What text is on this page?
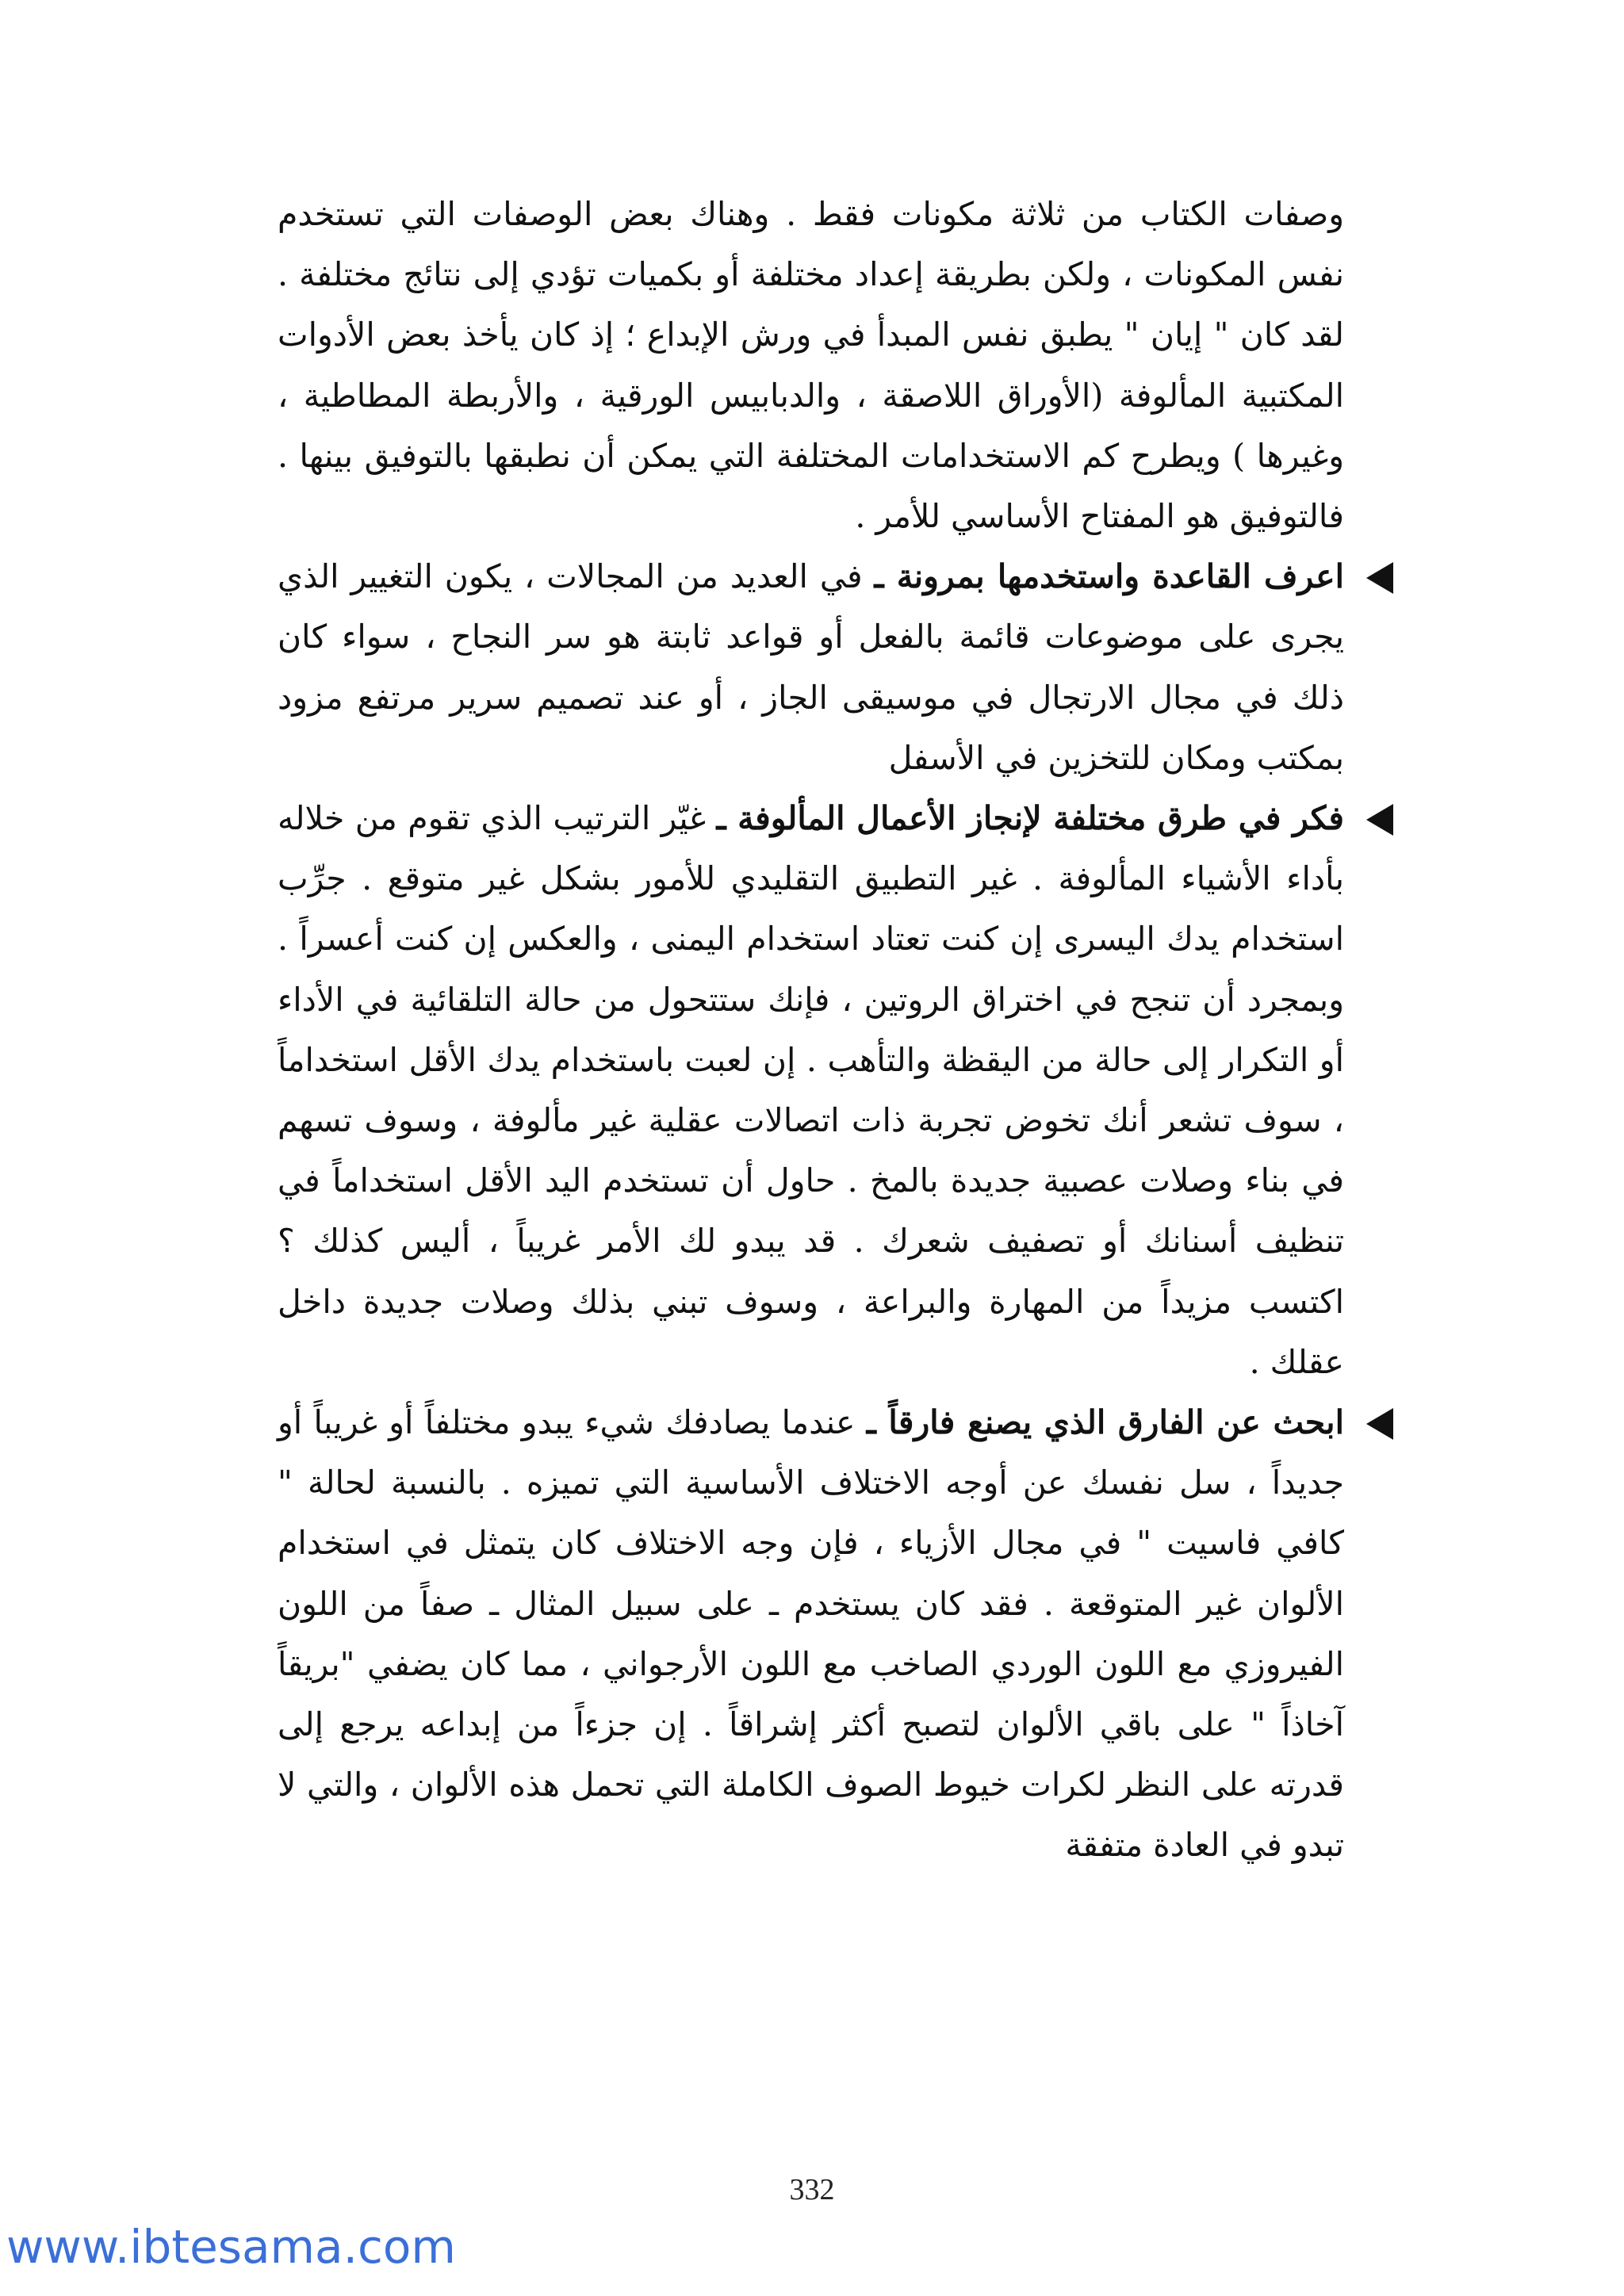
وصفات الكتاب من ثلاثة مكونات فقط . وهناك بعض الوصفات التي تستخدم نفس المكونات ، ولكن بطريقة إعداد مختلفة أو بكميات تؤدي إلى نتائج مختلفة . لقد كان " إيان " يطبق نفس المبدأ في ورش الإبداع ؛ إذ كان يأخذ بعض الأدوات المكتبية المألوفة (الأوراق اللاصقة ، والدبابيس الورقية ، والأربطة المطاطية ، وغيرها ) ويطرح كم الاستخدامات المختلفة التي يمكن أن نطبقها بالتوفيق بينها . فالتوفيق هو المفتاح الأساسي للأمر .

اعرف القاعدة واستخدمها بمرونة ـ في العديد من المجالات ، يكون التغيير الذي يجرى على موضوعات قائمة بالفعل أو قواعد ثابتة هو سر النجاح ، سواء كان ذلك في مجال الارتجال في موسيقى الجاز ، أو عند تصميم سرير مرتفع مزود بمكتب ومكان للتخزين في الأسفل

فكر في طرق مختلفة لإنجاز الأعمال المألوفة ـ غيّر الترتيب الذي تقوم من خلاله بأداء الأشياء المألوفة . غير التطبيق التقليدي للأمور بشكل غير متوقع . جرِّب استخدام يدك اليسرى إن كنت تعتاد استخدام اليمنى ، والعكس إن كنت أعسراً . وبمجرد أن تنجح في اختراق الروتين ، فإنك ستتحول من حالة التلقائية في الأداء أو التكرار إلى حالة من اليقظة والتأهب . إن لعبت باستخدام يدك الأقل استخداماً ، سوف تشعر أنك تخوض تجربة ذات اتصالات عقلية غير مألوفة ، وسوف تسهم في بناء وصلات عصبية جديدة بالمخ . حاول أن تستخدم اليد الأقل استخداماً في تنظيف أسنانك أو تصفيف شعرك . قد يبدو لك الأمر غريباً ، أليس كذلك ؟ اكتسب مزيداً من المهارة والبراعة ، وسوف تبني بذلك وصلات جديدة داخل عقلك .

ابحث عن الفارق الذي يصنع فارقاً ـ عندما يصادفك شيء يبدو مختلفاً أو غريباً أو جديداً ، سل نفسك عن أوجه الاختلاف الأساسية التي تميزه . بالنسبة لحالة " كافي فاسيت " في مجال الأزياء ، فإن وجه الاختلاف كان يتمثل في استخدام الألوان غير المتوقعة . فقد كان يستخدم ـ على سبيل المثال ـ صفاً من اللون الفيروزي مع اللون الوردي الصاخب مع اللون الأرجواني ، مما كان يضفي "بريقاً آخاذاً " على باقي الألوان لتصبح أكثر إشراقاً . إن جزءاً من إبداعه يرجع إلى قدرته على النظر لكرات خيوط الصوف الكاملة التي تحمل هذه الألوان ، والتي لا تبدو في العادة متفقة

332
www.ibtesama.com
